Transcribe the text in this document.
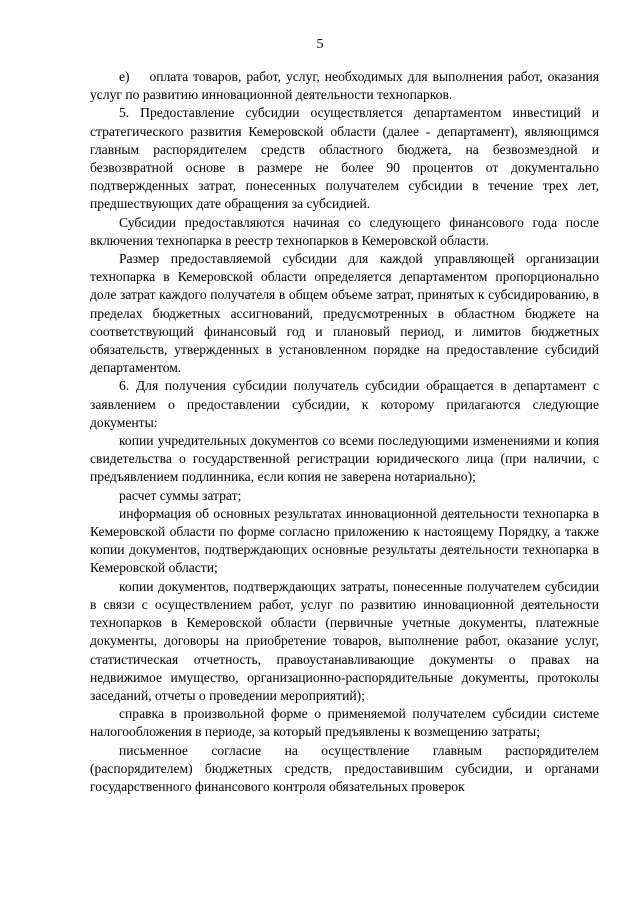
5

е)    оплата товаров, работ, услуг, необходимых для выполнения работ, оказания услуг по развитию инновационной деятельности технопарков.

5. Предоставление субсидии осуществляется департаментом инвестиций и стратегического развития Кемеровской области (далее - департамент), являющимся главным распорядителем средств областного бюджета, на безвозмездной и безвозвратной основе в размере не более 90 процентов от документально подтвержденных затрат, понесенных получателем субсидии в течение трех лет, предшествующих дате обращения за субсидией.

Субсидии предоставляются начиная со следующего финансового года после включения технопарка в реестр технопарков в Кемеровской области.

Размер предоставляемой субсидии для каждой управляющей организации технопарка в Кемеровской области определяется департаментом пропорционально доле затрат каждого получателя в общем объеме затрат, принятых к субсидированию, в пределах бюджетных ассигнований, предусмотренных в областном бюджете на соответствующий финансовый год и плановый период, и лимитов бюджетных обязательств, утвержденных в установленном порядке на предоставление субсидий департаментом.

6. Для получения субсидии получатель субсидии обращается в департамент с заявлением о предоставлении субсидии, к которому прилагаются следующие документы:

копии учредительных документов со всеми последующими изменениями и копия свидетельства о государственной регистрации юридического лица (при наличии, с предъявлением подлинника, если копия не заверена нотариально);

расчет суммы затрат;

информация об основных результатах инновационной деятельности технопарка в Кемеровской области по форме согласно приложению к настоящему Порядку, а также копии документов, подтверждающих основные результаты деятельности технопарка в Кемеровской области;

копии документов, подтверждающих затраты, понесенные получателем субсидии в связи с осуществлением работ, услуг по развитию инновационной деятельности технопарков в Кемеровской области (первичные учетные документы, платежные документы, договоры на приобретение товаров, выполнение работ, оказание услуг, статистическая отчетность, правоустанавливающие документы о правах на недвижимое имущество, организационно-распорядительные документы, протоколы заседаний, отчеты о проведении мероприятий);

справка в произвольной форме о применяемой получателем субсидии системе налогообложения в периоде, за который предъявлены к возмещению затраты;

письменное согласие на осуществление главным распорядителем (распорядителем) бюджетных средств, предоставившим субсидии, и органами государственного финансового контроля обязательных проверок
